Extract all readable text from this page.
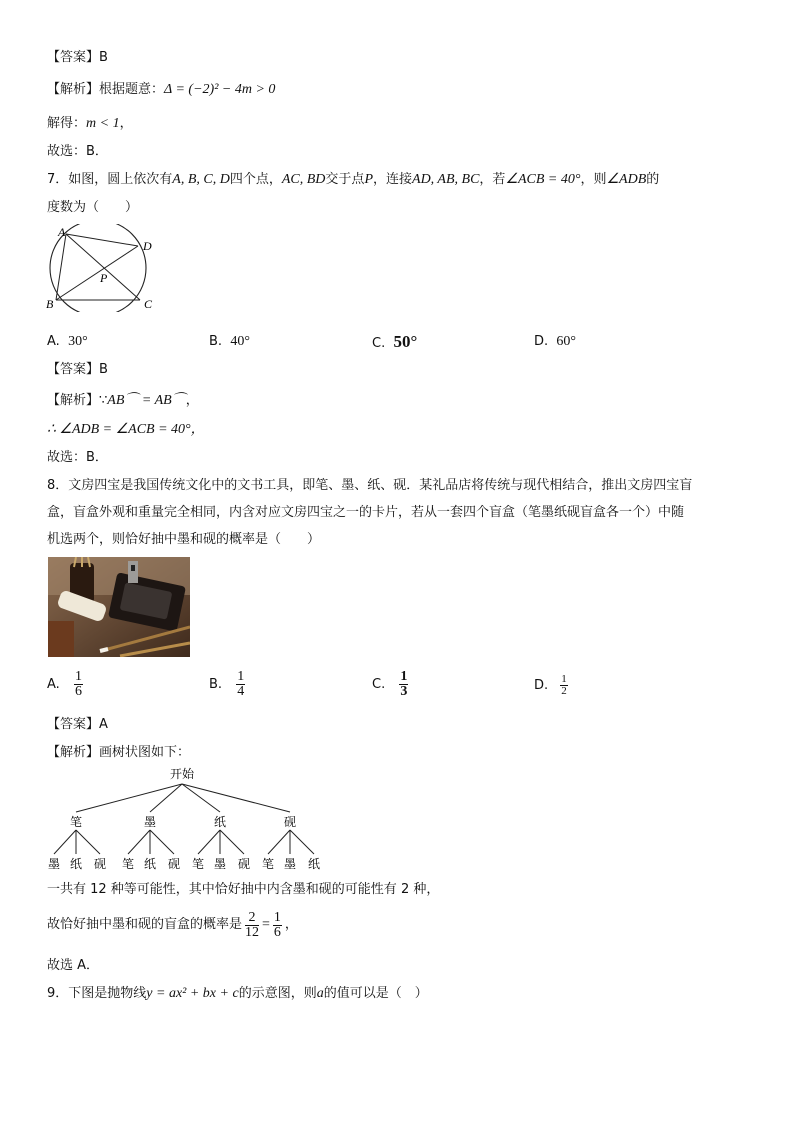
【答案】B
【解析】根据题意：Δ = (−2)² − 4m > 0
解得：m < 1，
故选：B．
7．如图，圆上依次有A, B, C, D四个点，AC, BD交于点P，连接AD, AB, BC，若∠ACB = 40°，则∠ADB的
度数为（　　）
A
D
B	C
P
A. 30°	B. 40°	C. 50°	D. 60°
【答案】B
【解析】∵AB⌒ = AB⌒，
∴ ∠ADB = ∠ACB = 40°，
故选：B．
8．文房四宝是我国传统文化中的文书工具，即笔、墨、纸、砚．某礼品店将传统与现代相结合，推出文房四宝盲
盒，盲盒外观和重量完全相同，内含对应文房四宝之一的卡片，若从一套四个盲盒（笔墨纸砚盲盒各一个）中随
机选两个，则恰好抽中墨和砚的概率是（　　）
A. $\frac{1}{6}$	B. $\frac{1}{4}$	C. $\frac{1}{3}$	D. $\frac{1}{2}$
【答案】A
【解析】画树状图如下：
开始
笔	墨	纸	砚
墨 纸 砚 笔 纸 砚 笔 墨 砚 笔 墨 纸
一共有 12 种等可能性，其中恰好抽中内含墨和砚的可能性有 2 种，
故恰好抽中墨和砚的盲盒的概率是 $\frac{2}{12} = \frac{1}{6}$ ，
故选 A．
9．下图是抛物线y = ax² + bx + c的示意图，则a的值可以是（　）
